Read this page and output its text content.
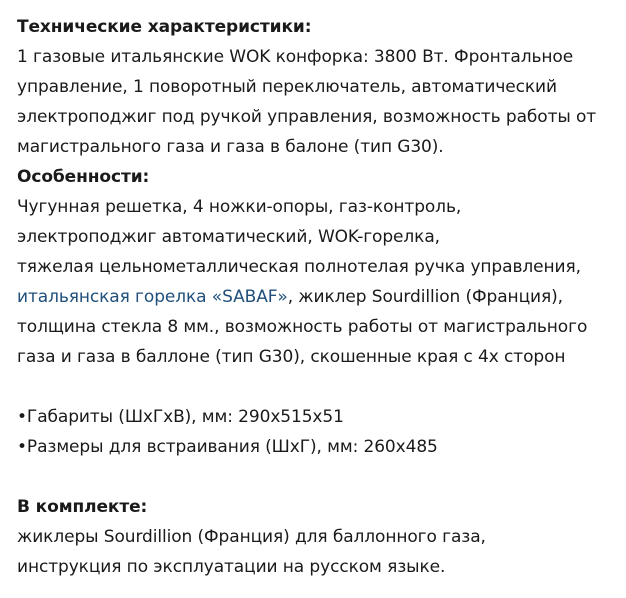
Технические характеристики:
1 газовые итальянские WOK конфорка: 3800 Вт. Фронтальное
управление, 1 поворотный переключатель, автоматический
электроподжиг под ручкой управления, возможность работы от
магистрального газа и газа в балоне (тип G30).
Особенности:
Чугунная решетка, 4 ножки-опоры, газ-контроль,
электроподжиг автоматический, WOK-горелка,
тяжелая цельнометаллическая полнотелая ручка управления,
итальянская горелка «SABAF», жиклер Sourdillion (Франция),
толщина стекла 8 мм., возможность работы от магистрального
газа и газа в баллоне (тип G30), скошенные края с 4х сторон
•Габариты (ШхГхВ), мм: 290х515х51
•Размеры для встраивания (ШхГ), мм: 260х485
В комплекте:
жиклеры Sourdillion (Франция) для баллонного газа,
инструкция по эксплуатации на русском языке.
